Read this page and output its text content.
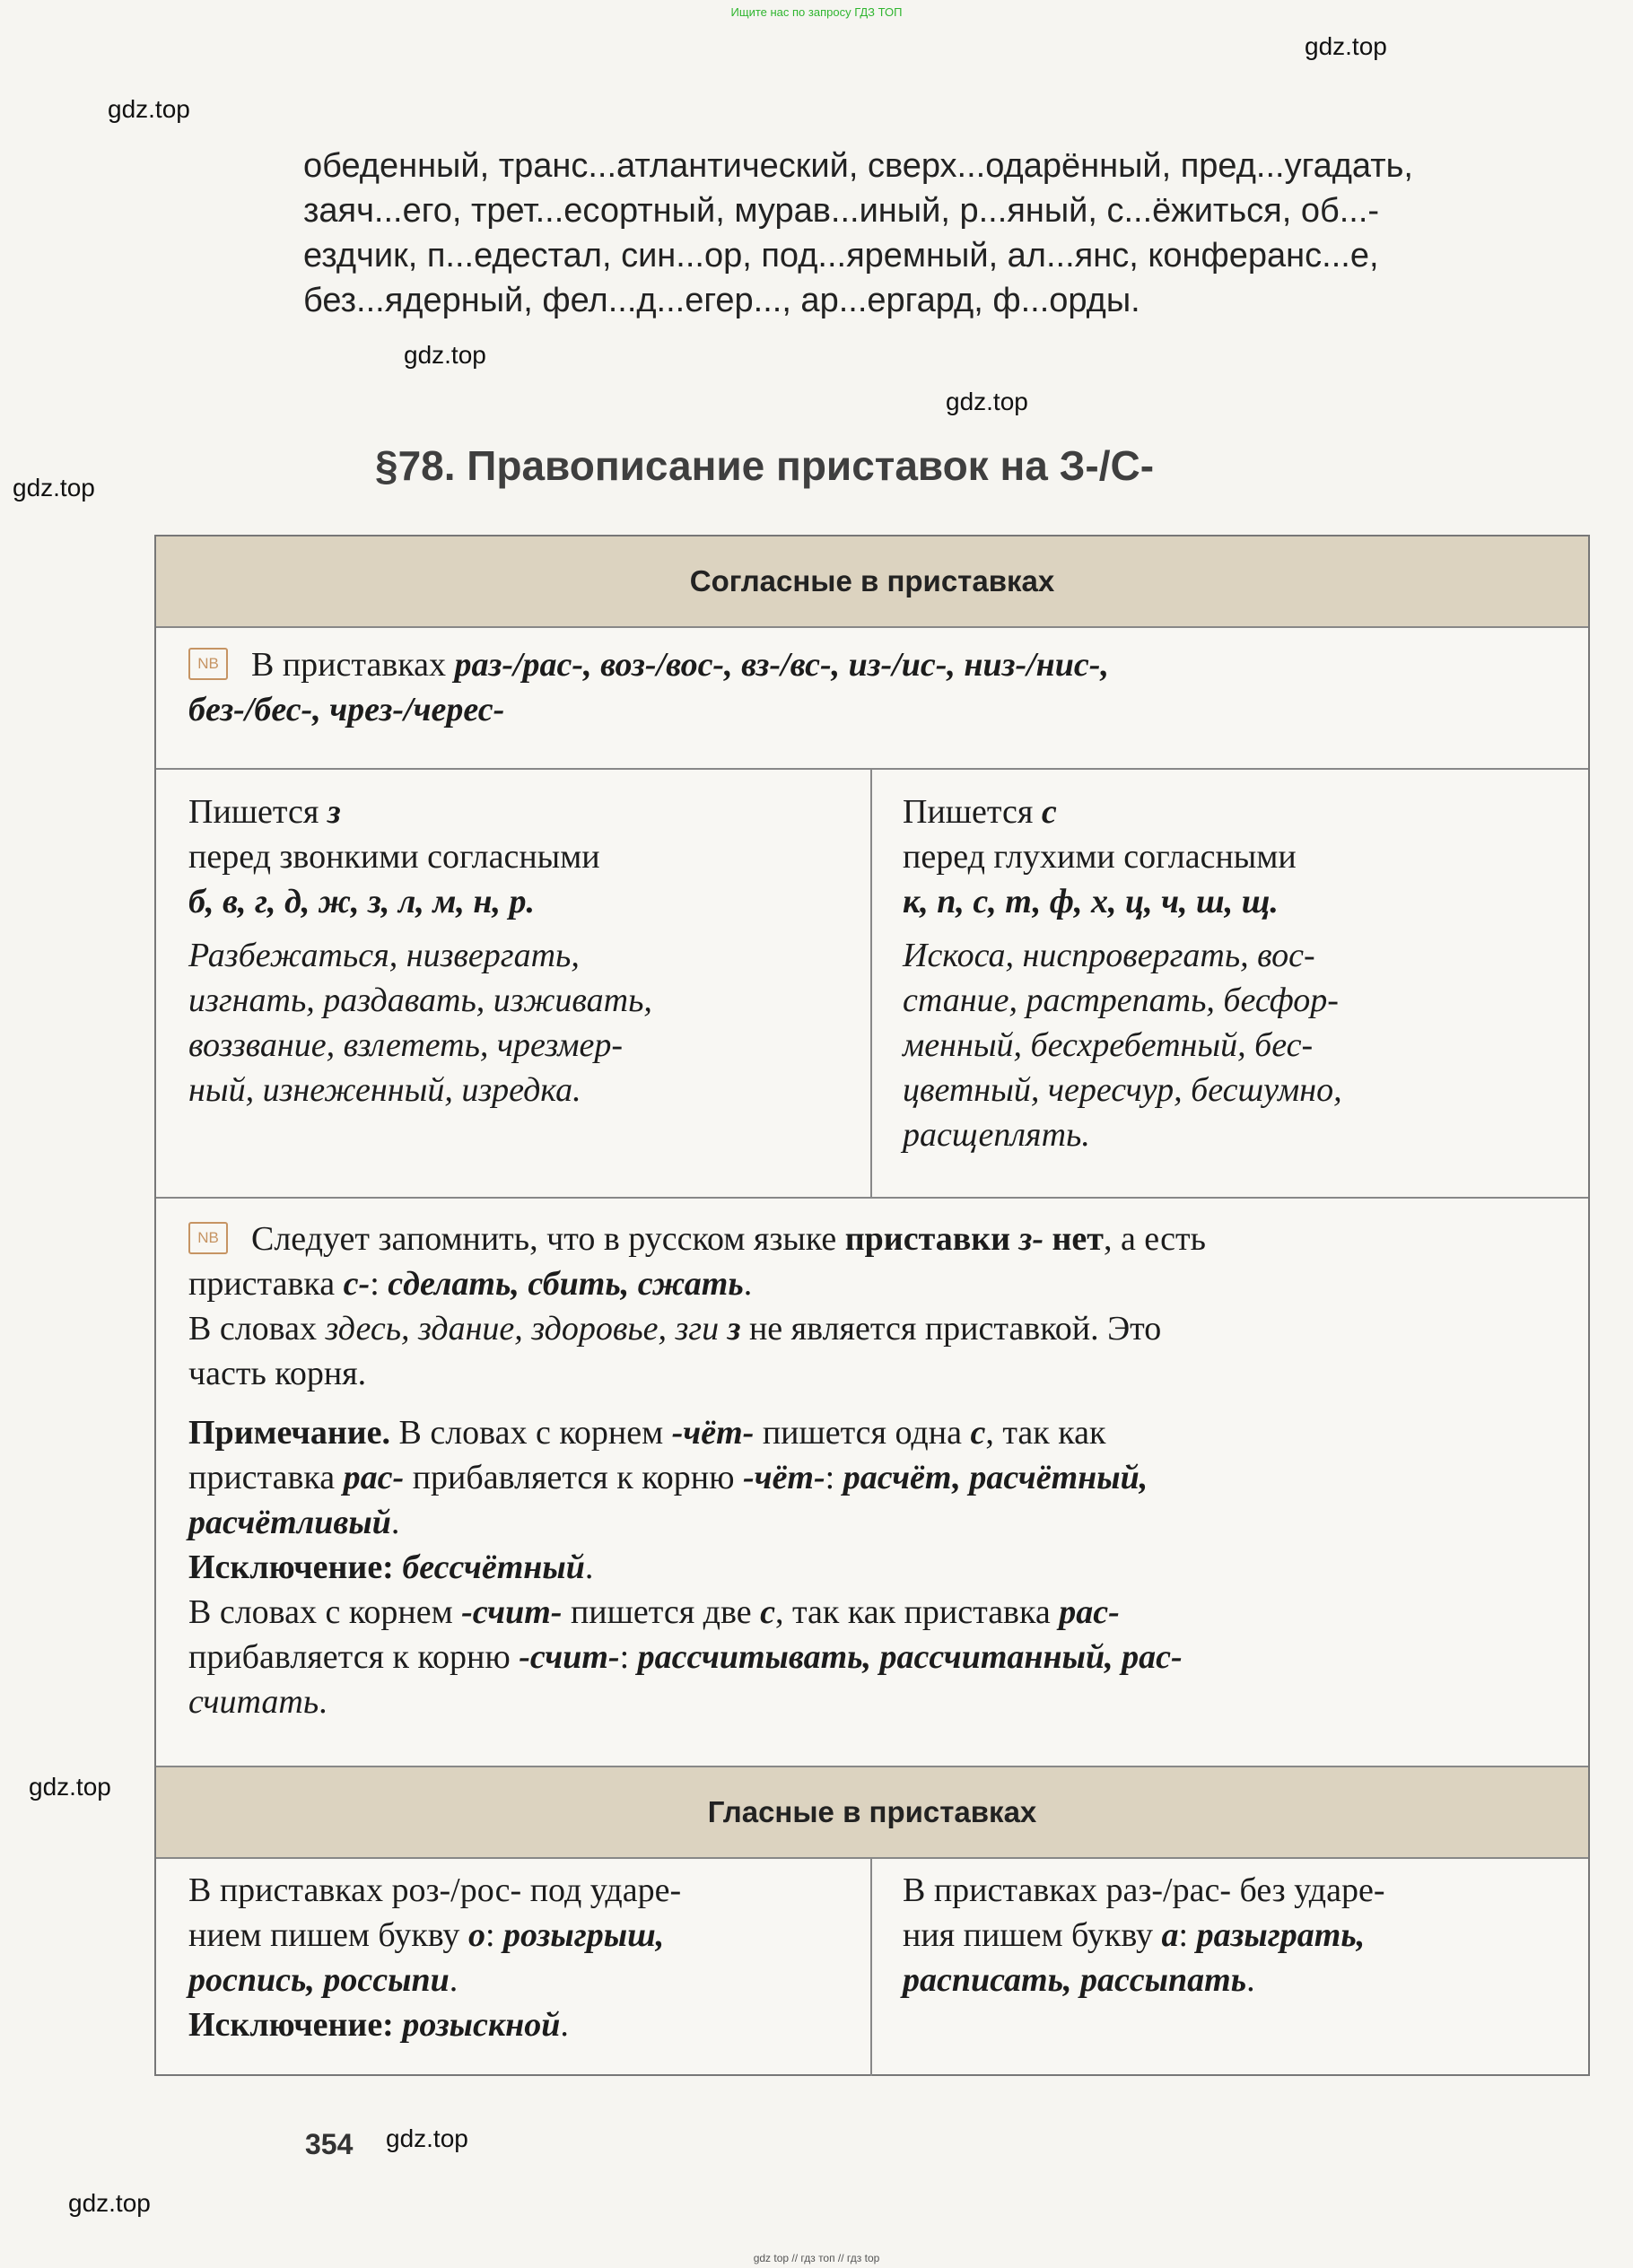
Ищите нас по запросу ГДЗ ТОП
gdz.top
gdz.top
gdz.top
gdz.top
gdz.top
gdz.top
gdz.top
gdz.top
обеденный, транс...атлантический, сверх...одарённый, пред...угадать,
заяч...его, трет...есортный, мурав...иный, р...яный, с...ёжиться, об...-
ездчик, п...едестал, син...ор, под...яремный, ал...янс, конферанс...е,
без...ядерный, фел...д...егер..., ар...ергард, ф...орды.
§78. Правописание приставок на З-/С-
Согласные в приставках

NB В приставках раз-/рас-, воз-/вос-, вз-/вс-, из-/ис-, низ-/нис-,

без-/бес-, чрез-/черес-

Пишется з

перед звонкими согласными

б, в, г, д, ж, з, л, м, н, р.

Разбежаться, низвергать,

изгнать, раздавать, изживать,

воззвание, взлететь, чрезмер-

ный, изнеженный, изредка.

Пишется с

перед глухими согласными

к, п, с, т, ф, х, ц, ч, ш, щ.

Искоса, ниспровергать, вос-

стание, растрепать, бесфор-

менный, бесхребетный, бес-

цветный, чересчур, бесшумно,

расщеплять.

NB Следует запомнить, что в русском языке приставки з- нет, а есть

приставка с-: сделать, сбить, сжать.

В словах здесь, здание, здоровье, зги з не является приставкой. Это

часть корня.

Примечание. В словах с корнем -чёт- пишется одна с, так как

приставка рас- прибавляется к корню -чёт-: расчёт, расчётный,

расчётливый.

Исключение: бессчётный.

В словах с корнем -счит- пишется две с, так как приставка рас-

прибавляется к корню -счит-: рассчитывать, рассчитанный, рас-

считать.

Гласные в приставках

В приставках роз-/рос- под ударе-

нием пишем букву о: розыгрыш,

роспись, россыпи.

Исключение: розыскной.

В приставках раз-/рас- без ударе-

ния пишем букву а: разыграть,

расписать, рассыпать.

354
gdz top // гдз топ // гдз top
